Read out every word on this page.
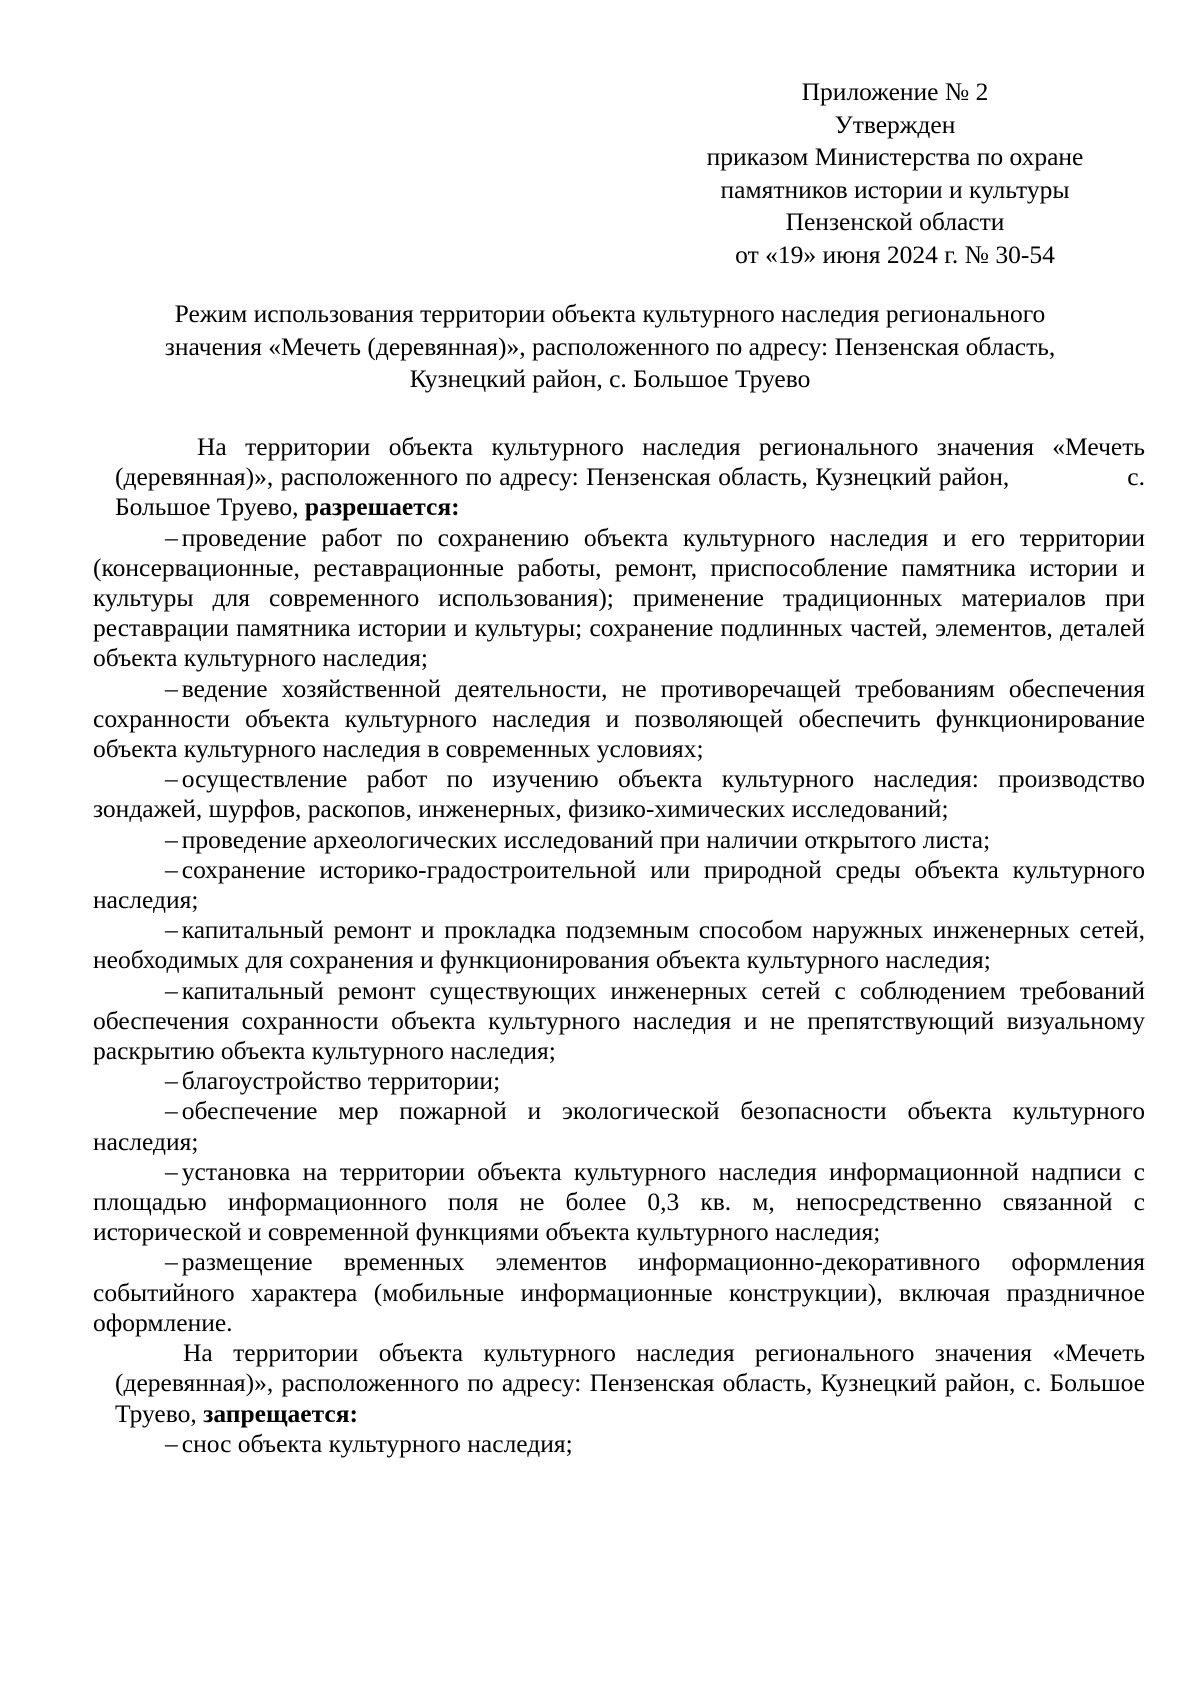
Приложение № 2
Утвержден
приказом Министерства по охране
памятников истории и культуры
Пензенской области
от «19» июня 2024 г. № 30-54
Режим использования территории объекта культурного наследия регионального
значения «Мечеть (деревянная)», расположенного по адресу: Пензенская область,
Кузнецкий район, с. Большое Труево

На территории объекта культурного наследия регионального значения «Мечеть (деревянная)», расположенного по адресу: Пензенская область, Кузнецкий район,	с. Большое Труево, разрешается:

– проведение работ по сохранению объекта культурного наследия и его территории (консервационные, реставрационные работы, ремонт, приспособление памятника истории и культуры для современного использования); применение традиционных материалов при реставрации памятника истории и культуры; сохранение подлинных частей, элементов, деталей объекта культурного наследия;

– ведение хозяйственной деятельности, не противоречащей требованиям обеспечения сохранности объекта культурного наследия и позволяющей обеспечить функционирование объекта культурного наследия в современных условиях;

– осуществление работ по изучению объекта культурного наследия: производство зондажей, шурфов, раскопов, инженерных, физико-химических исследований;

– проведение археологических исследований при наличии открытого листа;

– сохранение историко-градостроительной или природной среды объекта культурного наследия;

– капитальный ремонт и прокладка подземным способом наружных инженерных сетей, необходимых для сохранения и функционирования объекта культурного наследия;

– капитальный ремонт существующих инженерных сетей с соблюдением требований обеспечения сохранности объекта культурного наследия и не препятствующий визуальному раскрытию объекта культурного наследия;

– благоустройство территории;

– обеспечение мер пожарной и экологической безопасности объекта культурного наследия;

– установка на территории объекта культурного наследия информационной надписи с площадью информационного поля не более 0,3 кв. м, непосредственно связанной с исторической и современной функциями объекта культурного наследия;

– размещение временных элементов информационно-декоративного оформления событийного характера (мобильные информационные конструкции), включая праздничное оформление.

На территории объекта культурного наследия регионального значения «Мечеть (деревянная)», расположенного по адресу: Пензенская область, Кузнецкий район, с. Большое Труево, запрещается:

– снос объекта культурного наследия;
